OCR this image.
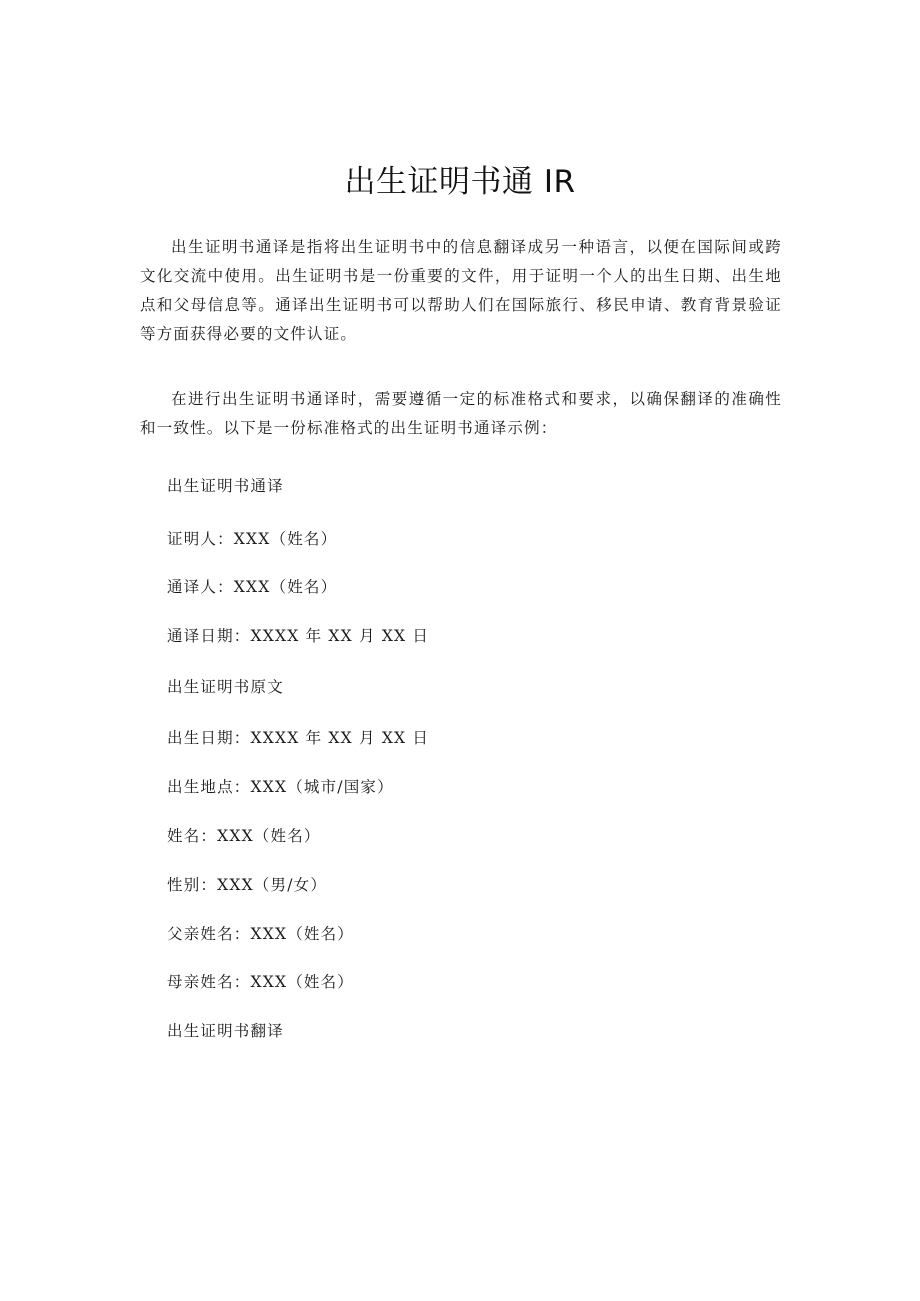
出生证明书通 IR

出生证明书通译是指将出生证明书中的信息翻译成另一种语言，以便在国际间或跨文化交流中使用。出生证明书是一份重要的文件，用于证明一个人的出生日期、出生地点和父母信息等。通译出生证明书可以帮助人们在国际旅行、移民申请、教育背景验证等方面获得必要的文件认证。

在进行出生证明书通译时，需要遵循一定的标准格式和要求，以确保翻译的准确性和一致性。以下是一份标准格式的出生证明书通译示例：

出生证明书通译

证明人：XXX（姓名）

通译人：XXX（姓名）

通译日期：XXXX 年 XX 月 XX 日

出生证明书原文

出生日期：XXXX 年 XX 月 XX 日

出生地点：XXX（城市/国家）

姓名：XXX（姓名）

性别：XXX（男/女）

父亲姓名：XXX（姓名）

母亲姓名：XXX（姓名）

出生证明书翻译
